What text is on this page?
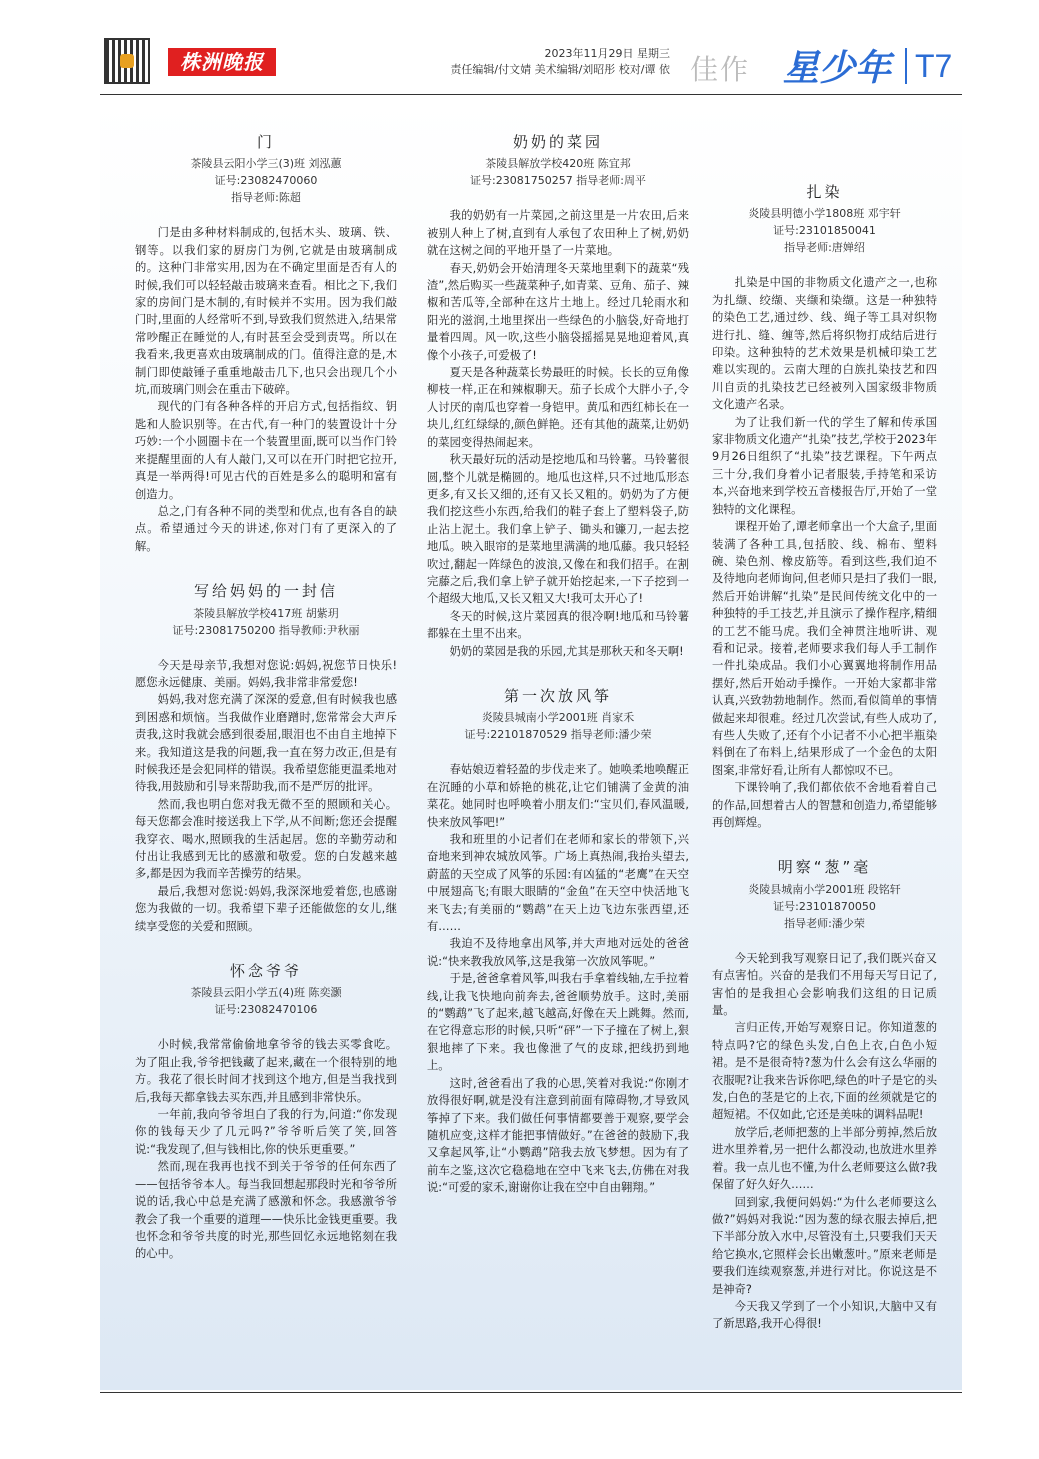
株洲晚报	2023年11月29日 星期三
责任编辑/付文婧 美术编辑/刘昭彤 校对/谭 依 佳作 星少年 T7
门
茶陵县云阳小学三(3)班 刘泓蕙
证号:23082470060
指导老师:陈超

门是由多种材料制成的,包括木头、玻璃、铁、钢等。以我们家的厨房门为例,它就是由玻璃制成的。这种门非常实用,因为在不确定里面是否有人的时候,我们可以轻轻敲击玻璃来查看。相比之下,我们家的房间门是木制的,有时候并不实用。因为我们敲门时,里面的人经常听不到,导致我们贸然进入,结果常常吵醒正在睡觉的人,有时甚至会受到责骂。所以在我看来,我更喜欢由玻璃制成的门。值得注意的是,木制门即使敲锤子重重地敲击几下,也只会出现几个小坑,而玻璃门则会在重击下破碎。

现代的门有各种各样的开启方式,包括指纹、钥匙和人脸识别等。在古代,有一种门的装置设计十分巧妙:一个小圆圈卡在一个装置里面,既可以当作门铃来提醒里面的人有人敲门,又可以在开门时把它拉开,真是一举两得!可见古代的百姓是多么的聪明和富有创造力。

总之,门有各种不同的类型和优点,也有各自的缺点。希望通过今天的讲述,你对门有了更深入的了解。

写给妈妈的一封信
茶陵县解放学校417班 胡紫玥
证号:23081750200 指导教师:尹秋丽

今天是母亲节,我想对您说:妈妈,祝您节日快乐!愿您永远健康、美丽。妈妈,我非常非常爱您!

妈妈,我对您充满了深深的爱意,但有时候我也感到困惑和烦恼。当我做作业磨蹭时,您常常会大声斥责我,这时我就会感到很委屈,眼泪也不由自主地掉下来。我知道这是我的问题,我一直在努力改正,但是有时候我还是会犯同样的错误。我希望您能更温柔地对待我,用鼓励和引导来帮助我,而不是严厉的批评。

然而,我也明白您对我无微不至的照顾和关心。每天您都会准时接送我上下学,从不间断;您还会提醒我穿衣、喝水,照顾我的生活起居。您的辛勤劳动和付出让我感到无比的感激和敬爱。您的白发越来越多,都是因为我而辛苦操劳的结果。

最后,我想对您说:妈妈,我深深地爱着您,也感谢您为我做的一切。我希望下辈子还能做您的女儿,继续享受您的关爱和照顾。

怀念爷爷
茶陵县云阳小学五(4)班 陈奕灏
证号:23082470106

小时候,我常常偷偷地拿爷爷的钱去买零食吃。为了阻止我,爷爷把钱藏了起来,藏在一个很特别的地方。我花了很长时间才找到这个地方,但是当我找到后,我每天都拿钱去买东西,并且感到非常快乐。

一年前,我向爷爷坦白了我的行为,问道:“你发现你的钱每天少了几元吗?”爷爷听后笑了笑,回答说:“我发现了,但与钱相比,你的快乐更重要。”

然而,现在我再也找不到关于爷爷的任何东西了——包括爷爷本人。每当我回想起那段时光和爷爷所说的话,我心中总是充满了感激和怀念。我感激爷爷教会了我一个重要的道理——快乐比金钱更重要。我也怀念和爷爷共度的时光,那些回忆永远地铭刻在我的心中。

奶奶的菜园
茶陵县解放学校420班 陈宜邦
证号:23081750257 指导老师:周平

我的奶奶有一片菜园,之前这里是一片农田,后来被别人种上了树,直到有人承包了农田种上了树,奶奶就在这树之间的平地开垦了一片菜地。

春天,奶奶会开始清理冬天菜地里剩下的蔬菜“残渣”,然后购买一些蔬菜种子,如青菜、豆角、茄子、辣椒和苦瓜等,全部种在这片土地上。经过几轮雨水和阳光的滋润,土地里探出一些绿色的小脑袋,好奇地打量着四周。风一吹,这些小脑袋摇摇晃晃地迎着风,真像个小孩子,可爱极了!

夏天是各种蔬菜长势最旺的时候。长长的豆角像柳枝一样,正在和辣椒聊天。茄子长成个大胖小子,令人讨厌的南瓜也穿着一身铠甲。黄瓜和西红柿长在一块儿,红红绿绿的,颜色鲜艳。还有其他的蔬菜,让奶奶的菜园变得热闹起来。

秋天最好玩的活动是挖地瓜和马铃薯。马铃薯很圆,整个儿就是椭圆的。地瓜也这样,只不过地瓜形态更多,有又长又细的,还有又长又粗的。奶奶为了方便我们挖这些小东西,给我们的鞋子套上了塑料袋子,防止沾上泥土。我们拿上铲子、锄头和镰刀,一起去挖地瓜。映入眼帘的是菜地里满满的地瓜藤。我只轻轻吹过,翻起一阵绿色的波浪,又像在和我们招手。在割完藤之后,我们拿上铲子就开始挖起来,一下子挖到一个超级大地瓜,又长又粗又大!我可太开心了!

冬天的时候,这片菜园真的很冷啊!地瓜和马铃薯都躲在土里不出来。

奶奶的菜园是我的乐园,尤其是那秋天和冬天啊!

第一次放风筝
炎陵县城南小学2001班 肖家禾
证号:22101870529 指导老师:潘少荣

春姑娘迈着轻盈的步伐走来了。她唤柔地唤醒正在沉睡的小草和娇艳的桃花,让它们铺满了金黄的油菜花。她同时也呼唤着小朋友们:“宝贝们,春风温暖,快来放风筝吧!”

我和班里的小记者们在老师和家长的带领下,兴奋地来到神农城放风筝。广场上真热闹,我抬头望去,蔚蓝的天空成了风筝的乐园:有凶猛的“老鹰”在天空中展翅高飞;有眼大眼睛的“金鱼”在天空中快活地飞来飞去;有美丽的“鹦鹉”在天上边飞边东张西望,还有……

我迫不及待地拿出风筝,并大声地对远处的爸爸说:“快来教我放风筝,这是我第一次放风筝呢。”

于是,爸爸拿着风筝,叫我右手拿着线轴,左手拉着线,让我飞快地向前奔去,爸爸顺势放手。这时,美丽的“鹦鹉”飞了起来,越飞越高,好像在天上跳舞。然而,在它得意忘形的时候,只听“砰”一下子撞在了树上,狠狠地摔了下来。我也像泄了气的皮球,把线扔到地上。

这时,爸爸看出了我的心思,笑着对我说:“你刚才放得很好啊,就是没有注意到前面有障碍物,才导致风筝掉了下来。我们做任何事情都要善于观察,要学会随机应变,这样才能把事情做好。”在爸爸的鼓励下,我又拿起风筝,让“小鹦鹉”陪我去放飞梦想。因为有了前车之鉴,这次它稳稳地在空中飞来飞去,仿佛在对我说:“可爱的家禾,谢谢你让我在空中自由翱翔。”

扎染
炎陵县明德小学1808班 邓宇轩
证号:23101850041
指导老师:唐婵绍

扎染是中国的非物质文化遗产之一,也称为扎缬、绞缬、夹缬和染缬。这是一种独特的染色工艺,通过纱、线、绳子等工具对织物进行扎、缝、缠等,然后将织物打成结后进行印染。这种独特的艺术效果是机械印染工艺难以实现的。云南大理的白族扎染技艺和四川自贡的扎染技艺已经被列入国家级非物质文化遗产名录。

为了让我们新一代的学生了解和传承国家非物质文化遗产“扎染”技艺,学校于2023年9月26日组织了“扎染”技艺课程。下午两点三十分,我们身着小记者服装,手持笔和采访本,兴奋地来到学校五音楼报告厅,开始了一堂独特的文化课程。

课程开始了,谭老师拿出一个大盒子,里面装满了各种工具,包括胶、线、棉布、塑料碗、染色剂、橡皮筋等。看到这些,我们迫不及待地向老师询问,但老师只是扫了我们一眼,然后开始讲解“扎染”是民间传统文化中的一种独特的手工技艺,并且演示了操作程序,精细的工艺不能马虎。我们全神贯注地听讲、观看和记录。接着,老师要求我们每人手工制作一件扎染成品。我们小心翼翼地将制作用品摆好,然后开始动手操作。一开始大家都非常认真,兴致勃勃地制作。然而,看似简单的事情做起来却很难。经过几次尝试,有些人成功了,有些人失败了,还有个小记者不小心把半瓶染料倒在了布料上,结果形成了一个金色的太阳图案,非常好看,让所有人都惊叹不已。

下课铃响了,我们都依依不舍地看着自己的作品,回想着古人的智慧和创造力,希望能够再创辉煌。

明察“葱”毫
炎陵县城南小学2001班 段铭轩
证号:23101870050
指导老师:潘少荣

今天轮到我写观察日记了,我们既兴奋又有点害怕。兴奋的是我们不用每天写日记了,害怕的是我担心会影响我们这组的日记质量。

言归正传,开始写观察日记。你知道葱的特点吗?它的绿色头发,白色上衣,白色小短裙。是不是很奇特?葱为什么会有这么华丽的衣服呢?让我来告诉你吧,绿色的叶子是它的头发,白色的茎是它的上衣,下面的丝须就是它的超短裙。不仅如此,它还是美味的调料品呢!

放学后,老师把葱的上半部分剪掉,然后放进水里养着,另一把什么都没动,也放进水里养着。我一点儿也不懂,为什么老师要这么做?我保留了好久好久……

回到家,我便问妈妈:“为什么老师要这么做?”妈妈对我说:“因为葱的绿衣服去掉后,把下半部分放入水中,尽管没有土,只要我们天天给它换水,它照样会长出嫩葱叶。”原来老师是要我们连续观察葱,并进行对比。你说这是不是神奇?

今天我又学到了一个小知识,大脑中又有了新思路,我开心得很!
